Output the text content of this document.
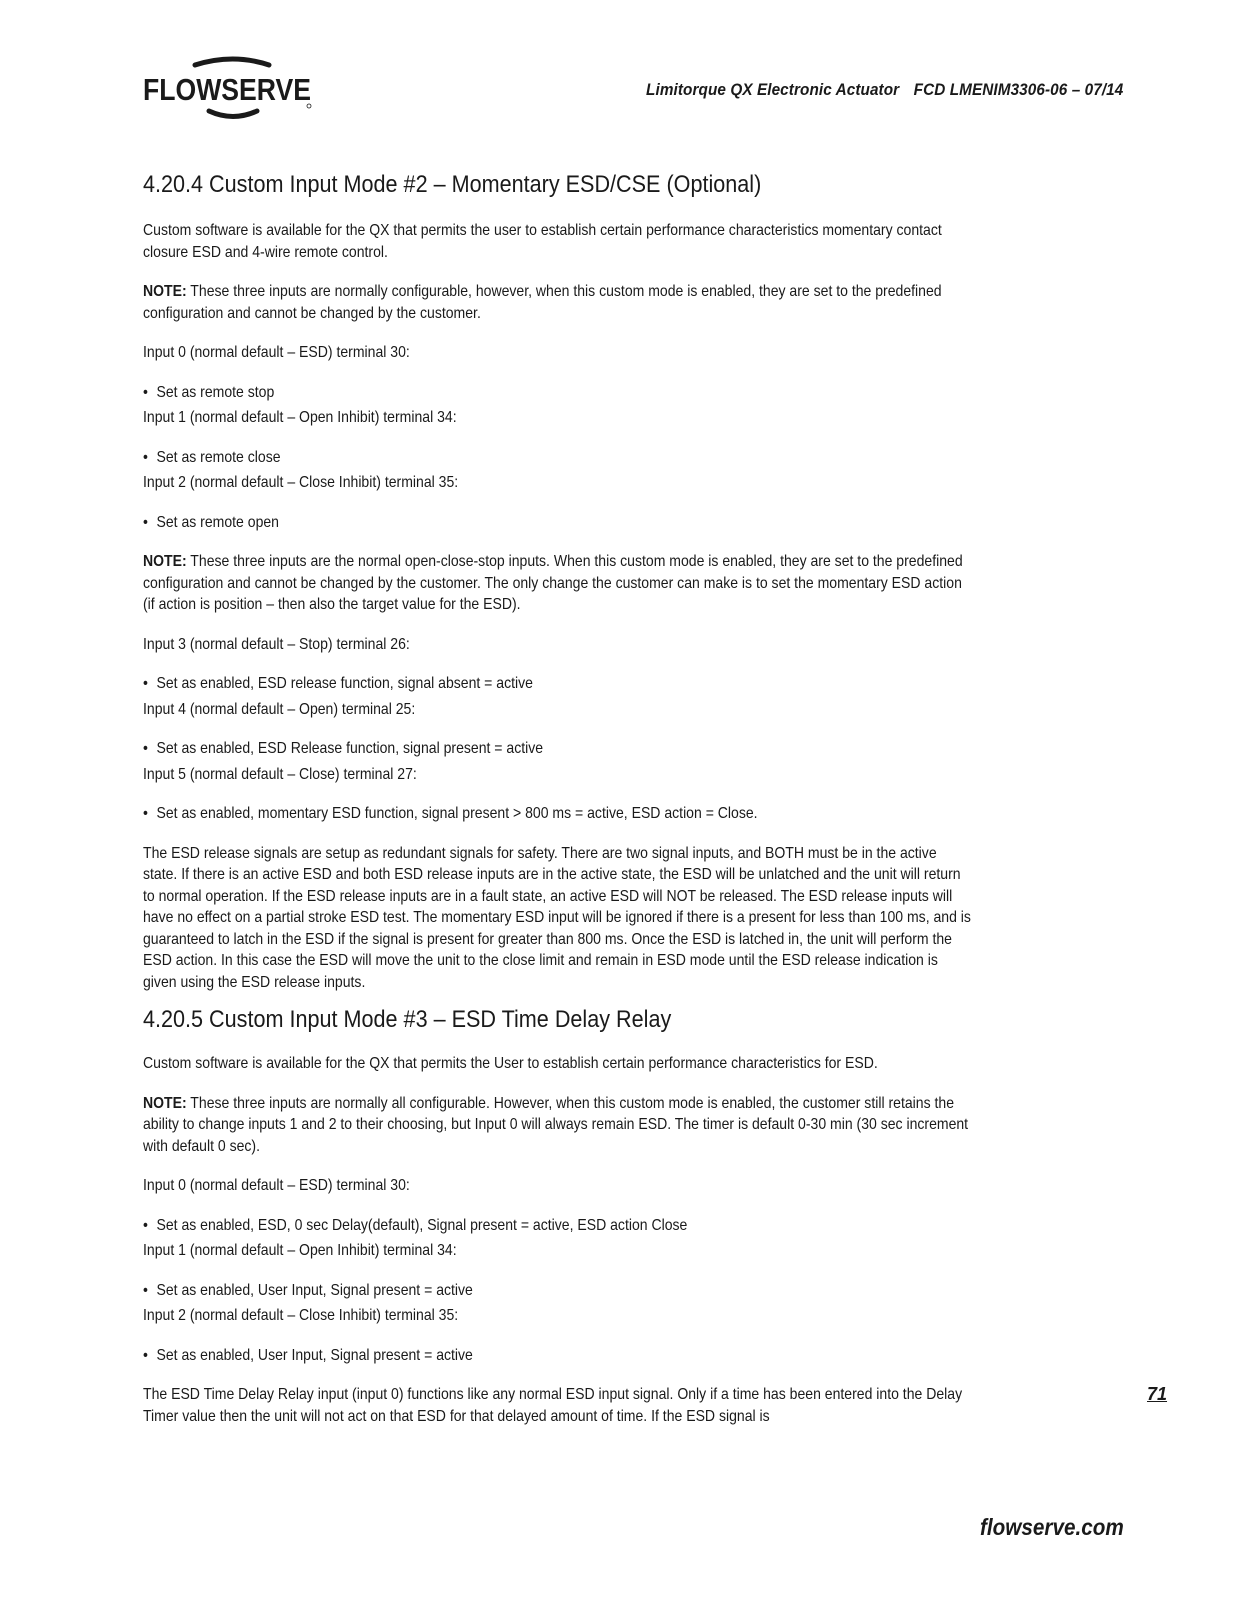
FLOWSERVE	Limitorque QX Electronic Actuator FCD LMENIM3306-06 – 07/14
4.20.4 Custom Input Mode #2 – Momentary ESD/CSE (Optional)

Custom software is available for the QX that permits the user to establish certain performance characteristics momentary contact closure ESD and 4-wire remote control.

NOTE: These three inputs are normally configurable, however, when this custom mode is enabled, they are set to the predefined configuration and cannot be changed by the customer.

Input 0 (normal default – ESD) terminal 30:

• Set as remote stop

Input 1 (normal default – Open Inhibit) terminal 34:

• Set as remote close

Input 2 (normal default – Close Inhibit) terminal 35:

• Set as remote open

NOTE: These three inputs are the normal open-close-stop inputs. When this custom mode is enabled, they are set to the predefined configuration and cannot be changed by the customer. The only change the customer can make is to set the momentary ESD action (if action is position – then also the target value for the ESD).

Input 3 (normal default – Stop) terminal 26:

• Set as enabled, ESD release function, signal absent = active

Input 4 (normal default – Open) terminal 25:

• Set as enabled, ESD Release function, signal present = active

Input 5 (normal default – Close) terminal 27:

• Set as enabled, momentary ESD function, signal present > 800 ms = active, ESD action = Close.

The ESD release signals are setup as redundant signals for safety. There are two signal inputs, and BOTH must be in the active state. If there is an active ESD and both ESD release inputs are in the active state, the ESD will be unlatched and the unit will return to normal operation. If the ESD release inputs are in a fault state, an active ESD will NOT be released. The ESD release inputs will have no effect on a partial stroke ESD test. The momentary ESD input will be ignored if there is a present for less than 100 ms, and is guaranteed to latch in the ESD if the signal is present for greater than 800 ms. Once the ESD is latched in, the unit will perform the ESD action. In this case the ESD will move the unit to the close limit and remain in ESD mode until the ESD release indication is given using the ESD release inputs.

4.20.5 Custom Input Mode #3 – ESD Time Delay Relay

Custom software is available for the QX that permits the User to establish certain performance characteristics for ESD.

NOTE: These three inputs are normally all configurable. However, when this custom mode is enabled, the customer still retains the ability to change inputs 1 and 2 to their choosing, but Input 0 will always remain ESD. The timer is default 0-30 min (30 sec increment with default 0 sec).

Input 0 (normal default – ESD) terminal 30:

• Set as enabled, ESD, 0 sec Delay(default), Signal present = active, ESD action Close

Input 1 (normal default – Open Inhibit) terminal 34:

• Set as enabled, User Input, Signal present = active

Input 2 (normal default – Close Inhibit) terminal 35:

• Set as enabled, User Input, Signal present = active

The ESD Time Delay Relay input (input 0) functions like any normal ESD input signal. Only if a time has been entered into the Delay Timer value then the unit will not act on that ESD for that delayed amount of time. If the ESD signal is

71
flowserve.com
